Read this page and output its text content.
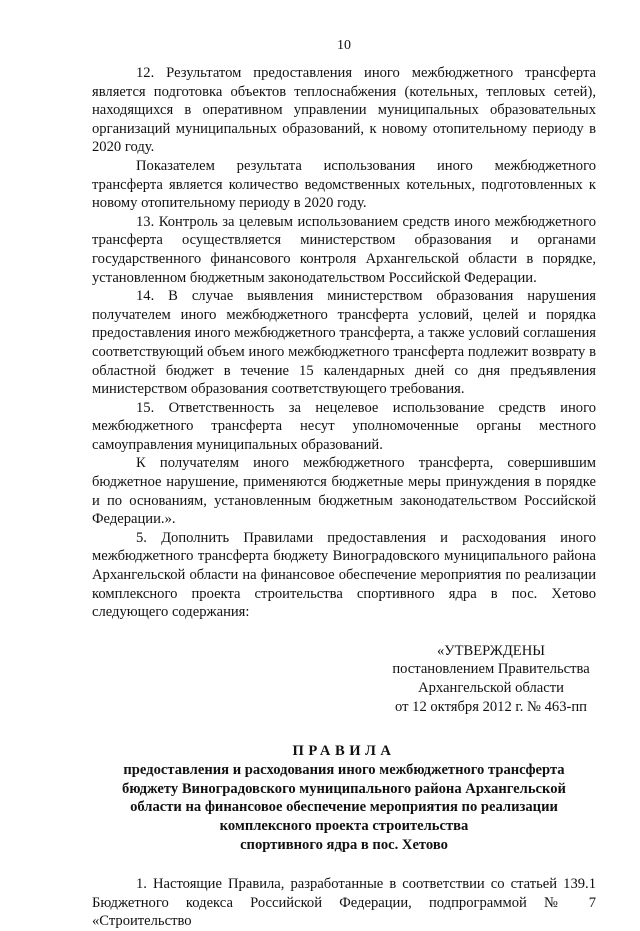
10

12. Результатом предоставления иного межбюджетного трансферта является подготовка объектов теплоснабжения (котельных, тепловых сетей), находящихся в оперативном управлении муниципальных образовательных организаций муниципальных образований, к новому отопительному периоду в 2020 году.

Показателем результата использования иного межбюджетного трансферта является количество ведомственных котельных, подготовленных к новому отопительному периоду в 2020 году.

13. Контроль за целевым использованием средств иного межбюджетного трансферта осуществляется министерством образования и органами государственного финансового контроля Архангельской области в порядке, установленном бюджетным законодательством Российской Федерации.

14. В случае выявления министерством образования нарушения получателем иного межбюджетного трансферта условий, целей и порядка предоставления иного межбюджетного трансферта, а также условий соглашения соответствующий объем иного межбюджетного трансферта подлежит возврату в областной бюджет в течение 15 календарных дней со дня предъявления министерством образования соответствующего требования.

15. Ответственность за нецелевое использование средств иного межбюджетного трансферта несут уполномоченные органы местного самоуправления муниципальных образований.

К получателям иного межбюджетного трансферта, совершившим бюджетное нарушение, применяются бюджетные меры принуждения в порядке и по основаниям, установленным бюджетным законодательством Российской Федерации.».

5. Дополнить Правилами предоставления и расходования иного межбюджетного трансферта бюджету Виноградовского муниципального района Архангельской области на финансовое обеспечение мероприятия по реализации комплексного проекта строительства спортивного ядра в пос. Хетово следующего содержания:

«УТВЕРЖДЕНЫ
постановлением Правительства
Архангельской области
от 12 октября 2012 г. № 463-пп
ПРАВИЛА
предоставления и расходования иного межбюджетного трансферта
бюджету Виноградовского муниципального района Архангельской
области на финансовое обеспечение мероприятия по реализации
комплексного проекта строительства
спортивного ядра в пос. Хетово

1. Настоящие Правила, разработанные в соответствии со статьей 139.1 Бюджетного кодекса Российской Федерации, подпрограммой № 7 «Строительство
